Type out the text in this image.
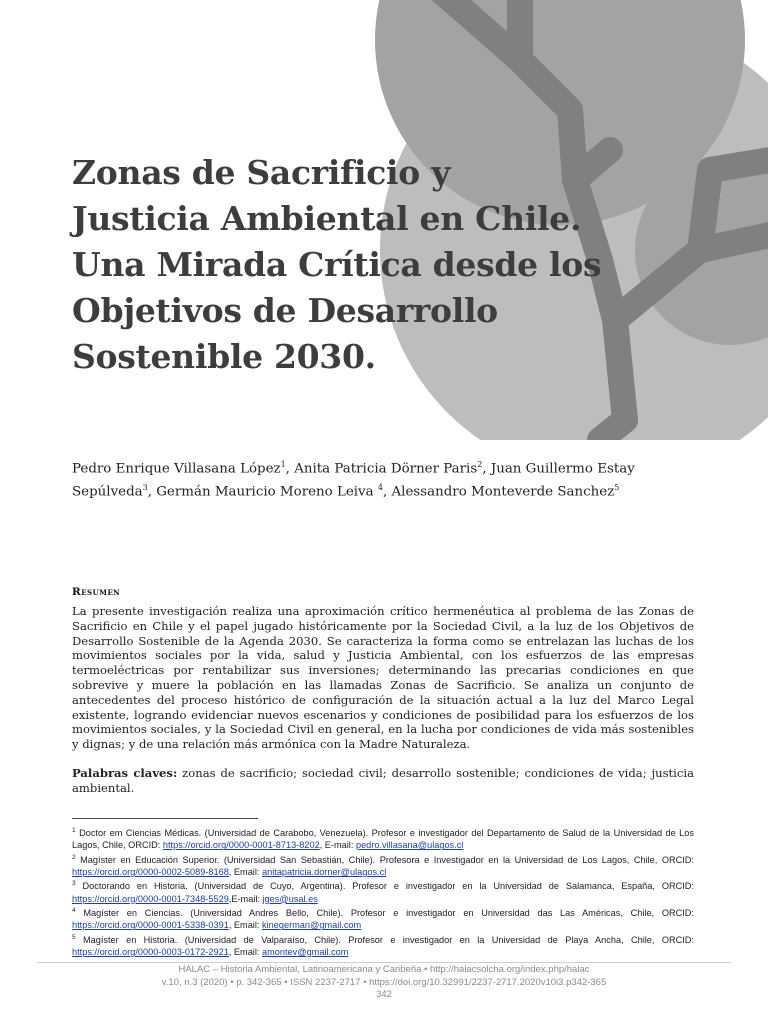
Zonas de Sacrificio y
Justicia Ambiental en Chile.
Una Mirada Crítica desde los
Objetivos de Desarrollo
Sostenible 2030.
Pedro Enrique Villasana López$^1$, Anita Patricia Dörner Paris$^2$, Juan Guillermo Estay Sepúlveda$^3$, Germán Mauricio Moreno Leiva $^4$, Alessandro Monteverde Sanchez$^5$
Resumen

La presente investigación realiza una aproximación crítico hermenéutica al problema de las Zonas de Sacrificio en Chile y el papel jugado históricamente por la Sociedad Civil, a la luz de los Objetivos de Desarrollo Sostenible de la Agenda 2030. Se caracteriza la forma como se entrelazan las luchas de los movimientos sociales por la vida, salud y Justicia Ambiental, con los esfuerzos de las empresas termoeléctricas por rentabilizar sus inversiones; determinando las precarias condiciones en que sobrevive y muere la población en las llamadas Zonas de Sacrificio. Se analiza un conjunto de antecedentes del proceso histórico de configuración de la situación actual a la luz del Marco Legal existente, logrando evidenciar nuevos escenarios y condiciones de posibilidad para los esfuerzos de los movimientos sociales, y la Sociedad Civil en general, en la lucha por condiciones de vida más sostenibles y dignas; y de una relación más armónica con la Madre Naturaleza.

Palabras claves: zonas de sacrificio; sociedad civil; desarrollo sostenible; condiciones de vida; justicia ambiental.

$^1$ Doctor em Ciencias Médicas. (Universidad de Carabobo, Venezuela). Profesor e investigador del Departamento de Salud de la Universidad de Los Lagos, Chile, ORCID: https://orcid.org/0000-0001-8713-8202, E-mail: pedro.villasana@ulagos.cl

$^2$ Magíster en Educación Superior. (Universidad San Sebastián, Chile). Profesora e Investigador en la Universidad de Los Lagos, Chile, ORCID: https://orcid.org/0000-0002-5089-8168, Email: anitapatricia.dorner@ulagos.cl

$^3$ Doctorando en Historia. (Universidad de Cuyo, Argentina). Profesor e investigador en la Universidad de Salamanca, España, ORCID: https://orcid.org/0000-0001-7348-5529,E-mail: jges@usal.es

$^4$ Magíster en Ciencias. (Universidad Andres Bello, Chile). Profesor e investigador en Universidad das Las Américas, Chile, ORCID: https://orcid.org/0000-0001-5338-0391, Email: kinegerman@gmail.com

$^5$ Magíster en Historia. (Universidad de Valparaíso, Chile). Profesor e investigador en la Universidad de Playa Ancha, Chile, ORCID: https://orcid.org/0000-0003-0172-2921, Email: amontev@gmail.com

HALAC – Historia Ambiental, Latinoamericana y Caribeña • http://halacsolcha.org/index.php/halac
v.10, n.3 (2020) • p. 342-365 • ISSN 2237-2717 • https://doi.org/10.32991/2237-2717.2020v10i3.p342-365
342
